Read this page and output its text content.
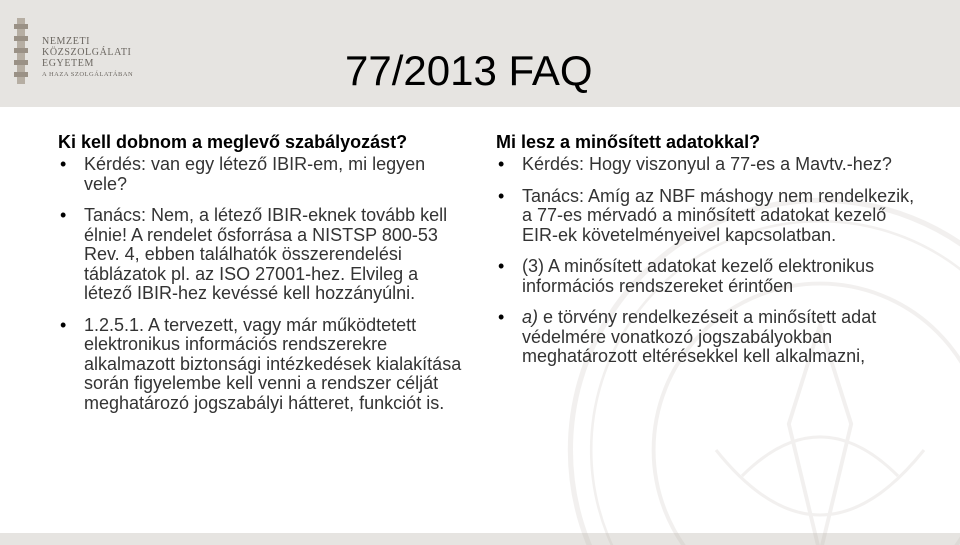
NEMZETI
KÖZSZOLGÁLATI
EGYETEM
A HAZA SZOLGÁLATÁBAN	77/2013 FAQ

Ki kell dobnom a meglevő szabályozást?

• Kérdés: van egy létező IBIR-em, mi legyen vele?
• Tanács: Nem, a létező IBIR-eknek tovább kell élnie! A rendelet ősforrása a NISTSP 800-53 Rev. 4, ebben találhatók összerendelési táblázatok pl. az ISO 27001-hez. Elvileg a létező IBIR-hez kevéssé kell hozzányúlni.
• 1.2.5.1. A tervezett, vagy már működtetett elektronikus információs rendszerekre alkalmazott biztonsági intézkedések kialakítása során figyelembe kell venni a rendszer célját meghatározó jogszabályi hátteret, funkciót is.

Mi lesz a minősített adatokkal?

• Kérdés: Hogy viszonyul a 77-es a Mavtv.-hez?
• Tanács: Amíg az NBF máshogy nem rendelkezik, a 77-es mérvadó a minősített adatokat kezelő EIR-ek követelményeivel kapcsolatban.
• (3) A minősített adatokat kezelő elektronikus információs rendszereket érintően
• a) e törvény rendelkezéseit a minősített adat védelmére vonatkozó jogszabályokban meghatározott eltérésekkel kell alkalmazni,
